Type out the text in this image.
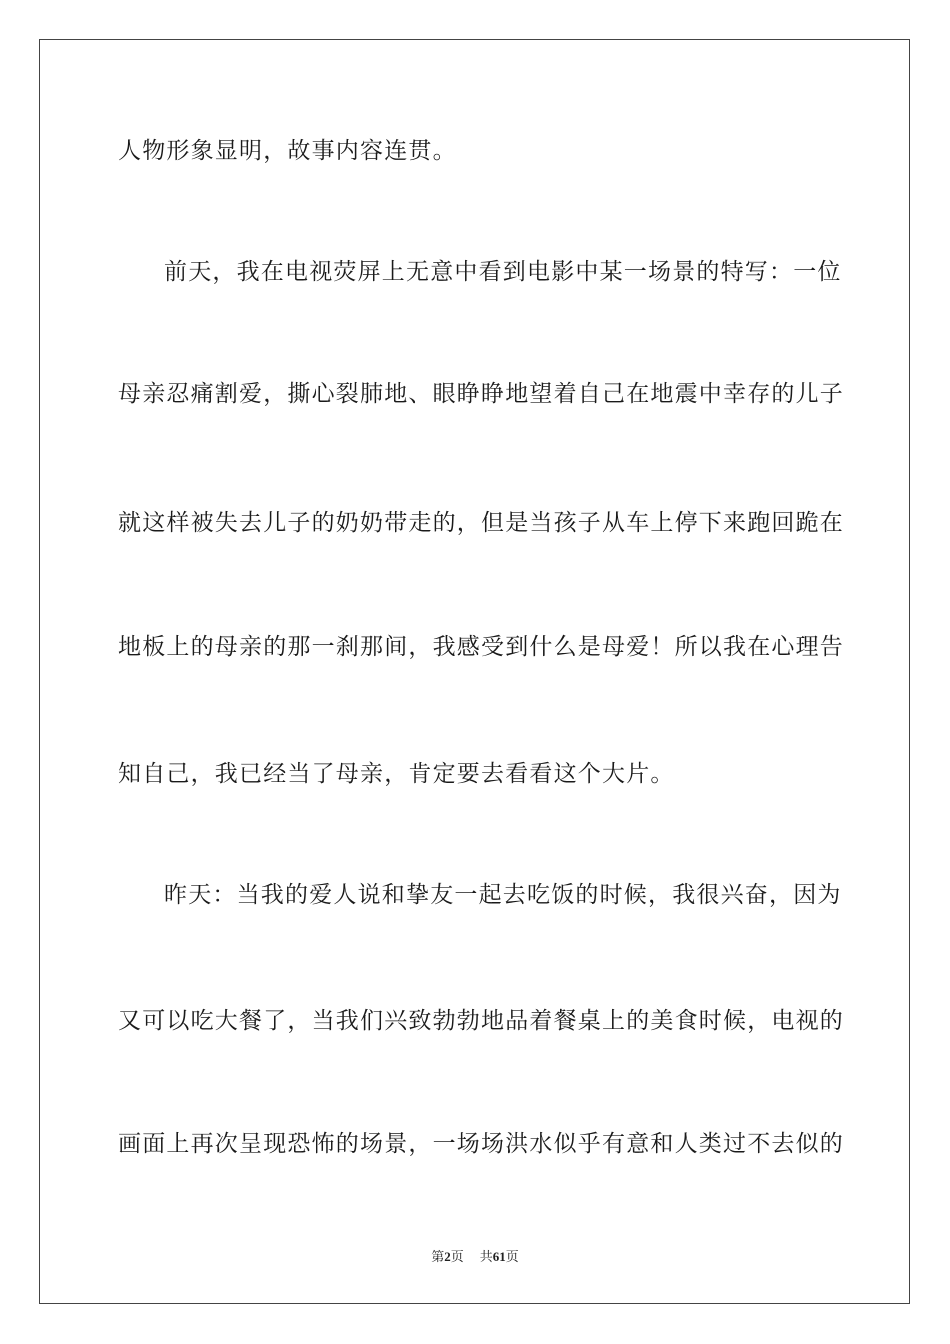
人物形象显明，故事内容连贯。
前天，我在电视荧屏上无意中看到电影中某一场景的特写：一位
母亲忍痛割爱，撕心裂肺地、眼睁睁地望着自己在地震中幸存的儿子
就这样被失去儿子的奶奶带走的，但是当孩子从车上停下来跑回跪在
地板上的母亲的那一刹那间，我感受到什么是母爱！所以我在心理告
知自己，我已经当了母亲，肯定要去看看这个大片。
昨天：当我的爱人说和挚友一起去吃饭的时候，我很兴奋，因为
又可以吃大餐了，当我们兴致勃勃地品着餐桌上的美食时候，电视的
画面上再次呈现恐怖的场景，一场场洪水似乎有意和人类过不去似的
第2页 共61页
